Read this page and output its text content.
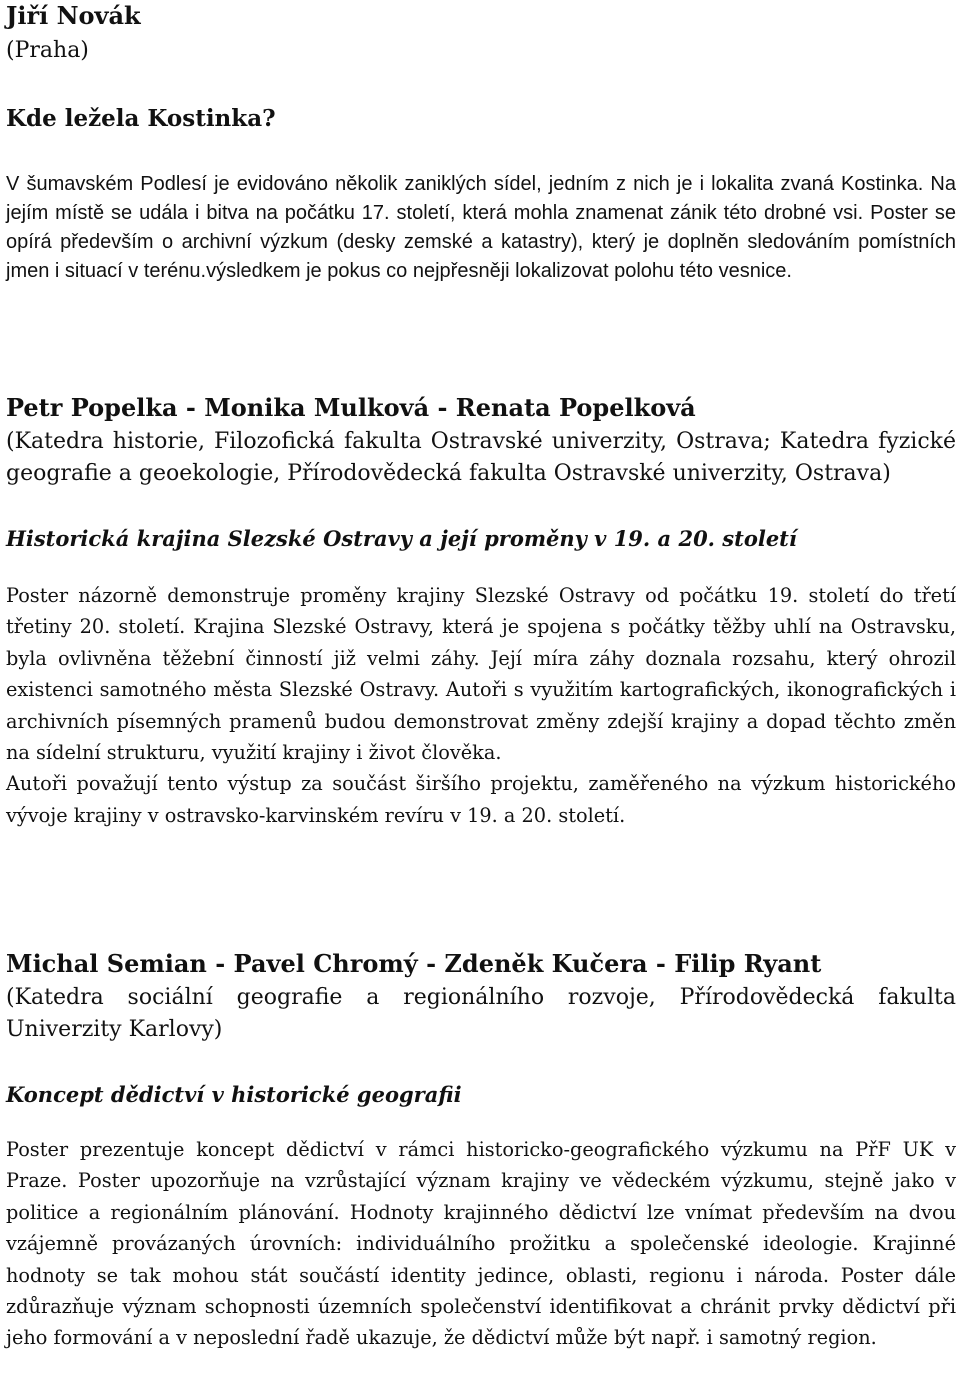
Jiří Novák
(Praha)
Kde ležela Kostinka?

V šumavském Podlesí je evidováno několik zaniklých sídel, jedním z nich je i lokalita zvaná Kostinka. Na jejím místě se udála i bitva na počátku 17. století, která mohla znamenat zánik této drobné vsi. Poster se opírá především o archivní výzkum (desky zemské a katastry), který je doplněn sledováním pomístních jmen i situací v terénu.výsledkem je pokus co nejpřesněji lokalizovat polohu této vesnice.

Petr Popelka - Monika Mulková - Renata Popelková
(Katedra historie, Filozofická fakulta Ostravské univerzity, Ostrava; Katedra fyzické geografie a geoekologie, Přírodovědecká fakulta Ostravské univerzity, Ostrava)
Historická krajina Slezské Ostravy a její proměny v 19. a 20. století

Poster názorně demonstruje proměny krajiny Slezské Ostravy od počátku 19. století do třetí třetiny 20. století. Krajina Slezské Ostravy, která je spojena s počátky těžby uhlí na Ostravsku, byla ovlivněna těžební činností již velmi záhy. Její míra záhy doznala rozsahu, který ohrozil existenci samotného města Slezské Ostravy. Autoři s využitím kartografických, ikonografických i archivních písemných pramenů budou demonstrovat změny zdejší krajiny a dopad těchto změn na sídelní strukturu, využití krajiny i život člověka.

Autoři považují tento výstup za součást širšího projektu, zaměřeného na výzkum historického vývoje krajiny v ostravsko-karvinském revíru v 19. a 20. století.

Michal Semian - Pavel Chromý - Zdeněk Kučera - Filip Ryant
(Katedra sociální geografie a regionálního rozvoje, Přírodovědecká fakulta Univerzity Karlovy)
Koncept dědictví v historické geografii

Poster prezentuje koncept dědictví v rámci historicko-geografického výzkumu na PřF UK v Praze. Poster upozorňuje na vzrůstající význam krajiny ve vědeckém výzkumu, stejně jako v politice a regionálním plánování. Hodnoty krajinného dědictví lze vnímat především na dvou vzájemně provázaných úrovních: individuálního prožitku a společenské ideologie. Krajinné hodnoty se tak mohou stát součástí identity jedince, oblasti, regionu i národa. Poster dále zdůrazňuje význam schopnosti územních společenství identifikovat a chránit prvky dědictví při jeho formování a v neposlední řadě ukazuje, že dědictví může být např. i samotný region.
